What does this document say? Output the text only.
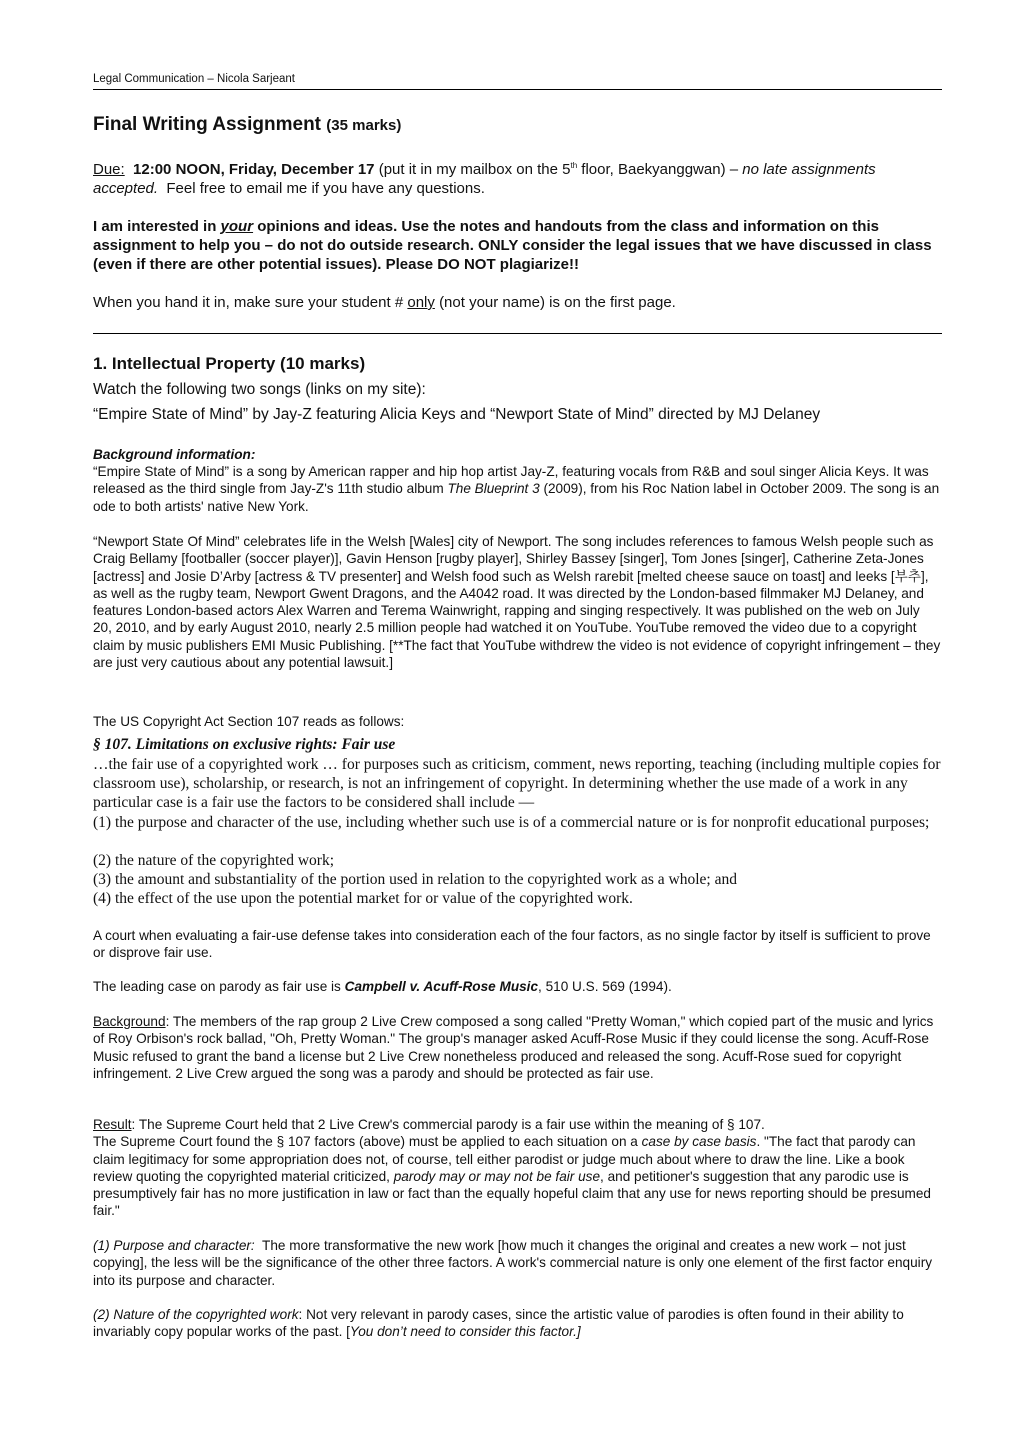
Legal Communication – Nicola Sarjeant
Final Writing Assignment (35 marks)

Due: 12:00 NOON, Friday, December 17 (put it in my mailbox on the 5th floor, Baekyanggwan) – no late assignments accepted. Feel free to email me if you have any questions.

I am interested in your opinions and ideas. Use the notes and handouts from the class and information on this assignment to help you – do not do outside research. ONLY consider the legal issues that we have discussed in class (even if there are other potential issues). Please DO NOT plagiarize!!

When you hand it in, make sure your student # only (not your name) is on the first page.

1. Intellectual Property (10 marks)

Watch the following two songs (links on my site):

“Empire State of Mind” by Jay-Z featuring Alicia Keys and “Newport State of Mind” directed by MJ Delaney

Background information:

“Empire State of Mind” is a song by American rapper and hip hop artist Jay-Z, featuring vocals from R&B and soul singer Alicia Keys. It was released as the third single from Jay-Z's 11th studio album The Blueprint 3 (2009), from his Roc Nation label in October 2009. The song is an ode to both artists' native New York.

“Newport State Of Mind” celebrates life in the Welsh [Wales] city of Newport. The song includes references to famous Welsh people such as Craig Bellamy [footballer (soccer player)], Gavin Henson [rugby player], Shirley Bassey [singer], Tom Jones [singer], Catherine Zeta-Jones [actress] and Josie D’Arby [actress & TV presenter] and Welsh food such as Welsh rarebit [melted cheese sauce on toast] and leeks [부추], as well as the rugby team, Newport Gwent Dragons, and the A4042 road. It was directed by the London-based filmmaker MJ Delaney, and features London-based actors Alex Warren and Terema Wainwright, rapping and singing respectively. It was published on the web on July 20, 2010, and by early August 2010, nearly 2.5 million people had watched it on YouTube. YouTube removed the video due to a copyright claim by music publishers EMI Music Publishing. [**The fact that YouTube withdrew the video is not evidence of copyright infringement – they are just very cautious about any potential lawsuit.]

The US Copyright Act Section 107 reads as follows:

§ 107. Limitations on exclusive rights: Fair use

…the fair use of a copyrighted work … for purposes such as criticism, comment, news reporting, teaching (including multiple copies for classroom use), scholarship, or research, is not an infringement of copyright. In determining whether the use made of a work in any particular case is a fair use the factors to be considered shall include —

(1) the purpose and character of the use, including whether such use is of a commercial nature or is for nonprofit educational purposes;

(2) the nature of the copyrighted work;

(3) the amount and substantiality of the portion used in relation to the copyrighted work as a whole; and

(4) the effect of the use upon the potential market for or value of the copyrighted work.

A court when evaluating a fair-use defense takes into consideration each of the four factors, as no single factor by itself is sufficient to prove or disprove fair use.

The leading case on parody as fair use is Campbell v. Acuff-Rose Music, 510 U.S. 569 (1994).

Background: The members of the rap group 2 Live Crew composed a song called "Pretty Woman," which copied part of the music and lyrics of Roy Orbison's rock ballad, "Oh, Pretty Woman." The group's manager asked Acuff-Rose Music if they could license the song. Acuff-Rose Music refused to grant the band a license but 2 Live Crew nonetheless produced and released the song. Acuff-Rose sued for copyright infringement. 2 Live Crew argued the song was a parody and should be protected as fair use.

Result: The Supreme Court held that 2 Live Crew's commercial parody is a fair use within the meaning of § 107.
The Supreme Court found the § 107 factors (above) must be applied to each situation on a case by case basis. "The fact that parody can claim legitimacy for some appropriation does not, of course, tell either parodist or judge much about where to draw the line. Like a book review quoting the copyrighted material criticized, parody may or may not be fair use, and petitioner's suggestion that any parodic use is presumptively fair has no more justification in law or fact than the equally hopeful claim that any use for news reporting should be presumed fair."

(1) Purpose and character: The more transformative the new work [how much it changes the original and creates a new work – not just copying], the less will be the significance of the other three factors. A work's commercial nature is only one element of the first factor enquiry into its purpose and character.

(2) Nature of the copyrighted work: Not very relevant in parody cases, since the artistic value of parodies is often found in their ability to invariably copy popular works of the past. [You don’t need to consider this factor.]
